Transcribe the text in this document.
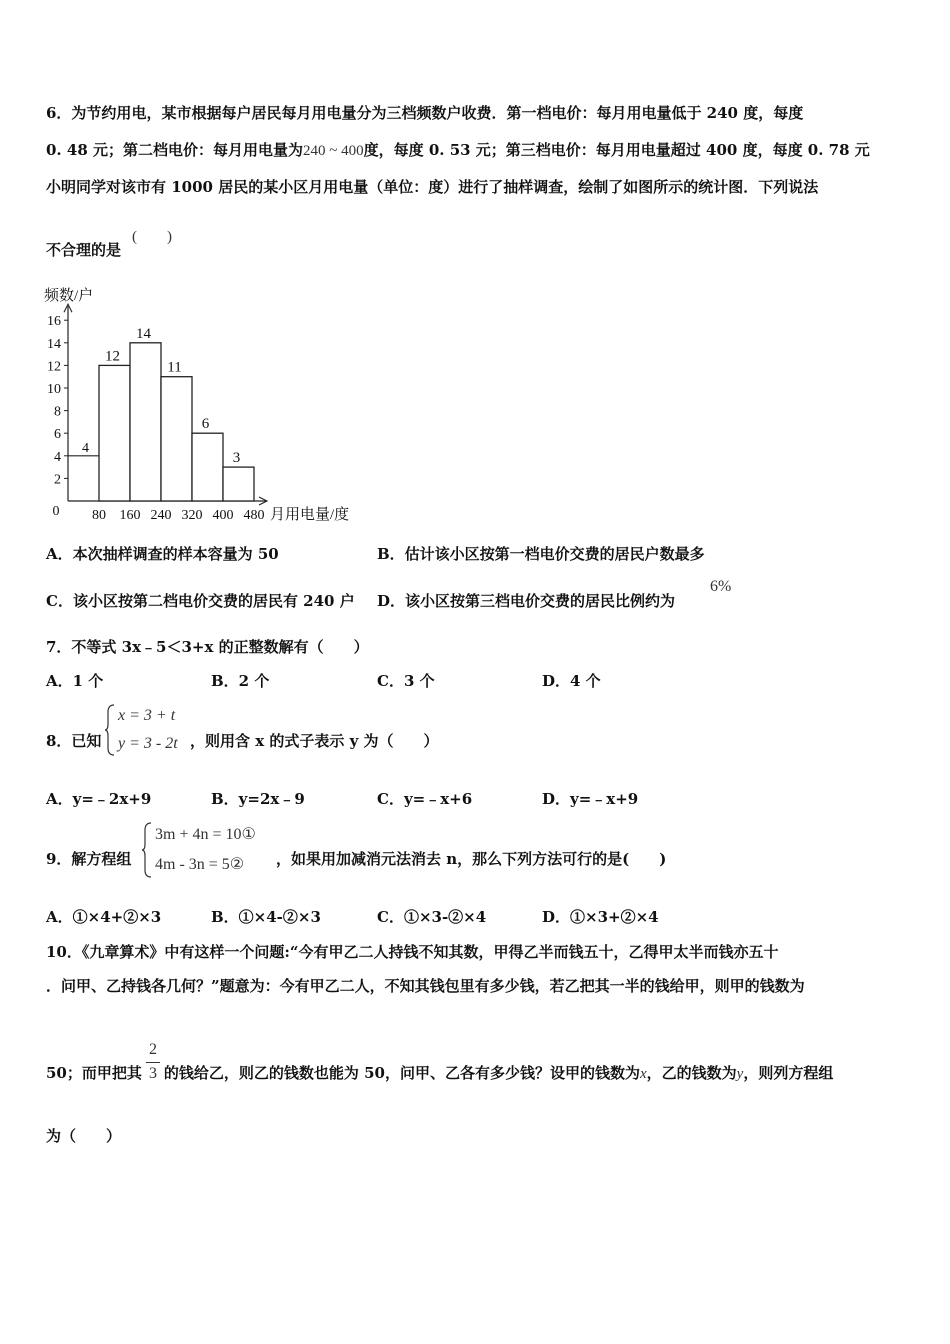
6．为节约用电，某市根据每户居民每月用电量分为三档频数户收费．第一档电价：每月用电量低于 240 度，每度
0. 48 元；第二档电价：每月用电量为240 ~ 400度，每度 0. 53 元；第三档电价：每月用电量超过 400 度，每度 0. 78 元
小明同学对该市有 1000 居民的某小区月用电量（单位：度）进行了抽样调查，绘制了如图所示的统计图．下列说法
不合理的是
(　　)
频数/户
2
4
6
8
10
12
14
16
0 80 160 240 320 400 480 月用电量/度
4
12
14
11
6
3
A．本次抽样调查的样本容量为 50	B．估计该小区按第一档电价交费的居民户数最多
C．该小区按第二档电价交费的居民有 240 户 D．该小区按第三档电价交费的居民比例约为
6%
7．不等式 3x﹣5＜3+x 的正整数解有（　　）
A．1 个	B．2 个	C．3 个	D．4 个
8．已知
x = 3 + t
y = 3 - 2t ，则用含 x 的式子表示 y 为（　　）
A．y=﹣2x+9	B．y=2x﹣9	C．y=﹣x+6	D．y=﹣x+9
9．解方程组
3m + 4n = 10①
4m - 3n = 5② ，如果用加减消元法消去 n，那么下列方法可行的是(　　)
A．①×4+②×3	B．①×4-②×3	C．①×3-②×4	D．①×3+②×4
10．《九章算术》中有这样一个问题:“今有甲乙二人持钱不知其数，甲得乙半而钱五十，乙得甲太半而钱亦五十
．问甲、乙持钱各几何？”题意为：今有甲乙二人，不知其钱包里有多少钱，若乙把其一半的钱给甲，则甲的钱数为
50；而甲把其 的钱给乙，则乙的钱数也能为 50，问甲、乙各有多少钱？设甲的钱数为x，乙的钱数为y，则列方程组
2
3
为（　　）
